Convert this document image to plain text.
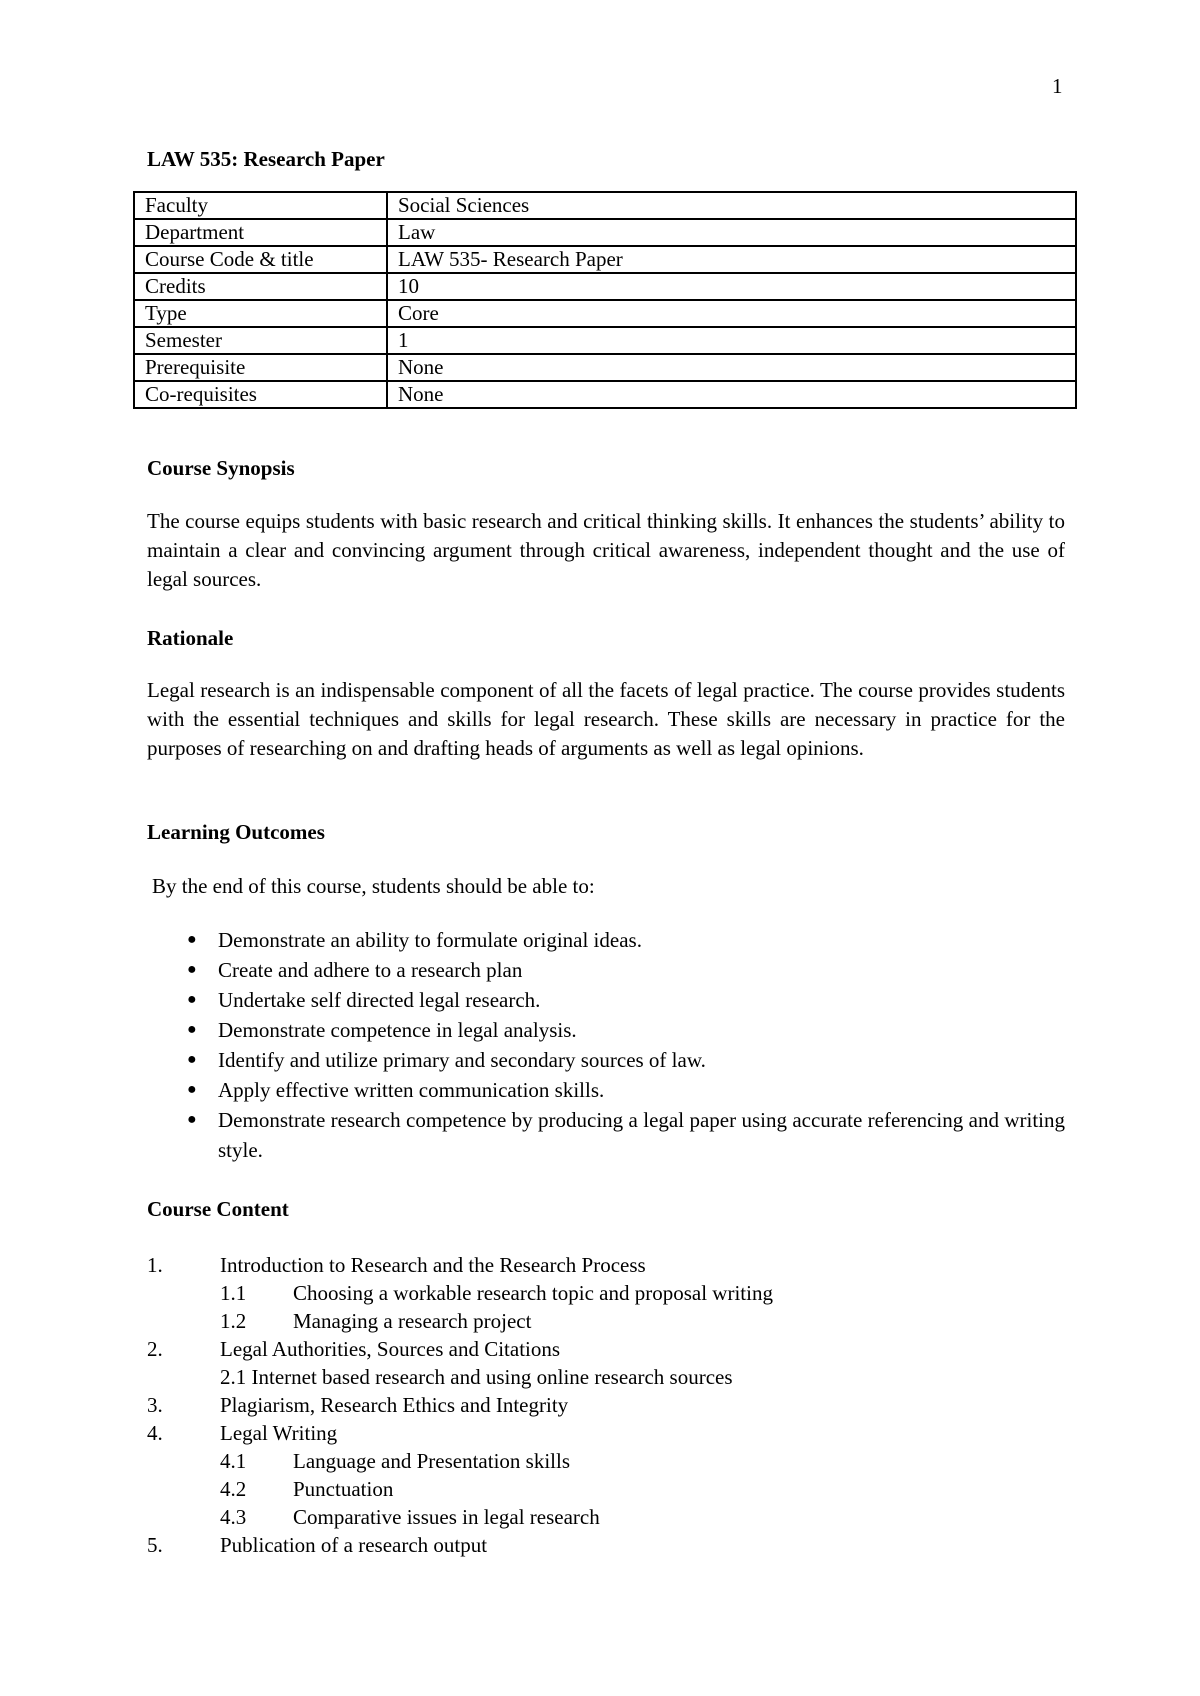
1
LAW 535: Research Paper
Faculty	Social Sciences
Department	Law
Course Code & title	LAW 535- Research Paper
Credits	10
Type	Core
Semester	1
Prerequisite	None
Co-requisites	None
Course Synopsis
The course equips students with basic research and critical thinking skills. It enhances the students’ ability to maintain a clear and convincing argument through critical awareness, independent thought and the use of legal sources.
Rationale
Legal research is an indispensable component of all the facets of legal practice. The course provides students with the essential techniques and skills for legal research. These skills are necessary in practice for the purposes of researching on and drafting heads of arguments as well as legal opinions.
Learning Outcomes
By the end of this course, students should be able to:
● Demonstrate an ability to formulate original ideas.
● Create and adhere to a research plan
● Undertake self directed legal research.
● Demonstrate competence in legal analysis.
● Identify and utilize primary and secondary sources of law.
● Apply effective written communication skills.
● Demonstrate research competence by producing a legal paper using accurate referencing and writing style.
Course Content
1.	Introduction to Research and the Research Process
1.1 Choosing a workable research topic and proposal writing
1.2 Managing a research project
2.	Legal Authorities, Sources and Citations
2.1 Internet based research and using online research sources
3.	Plagiarism, Research Ethics and Integrity
4.	Legal Writing
4.1 Language and Presentation skills
4.2 Punctuation
4.3 Comparative issues in legal research
5.	Publication of a research output
